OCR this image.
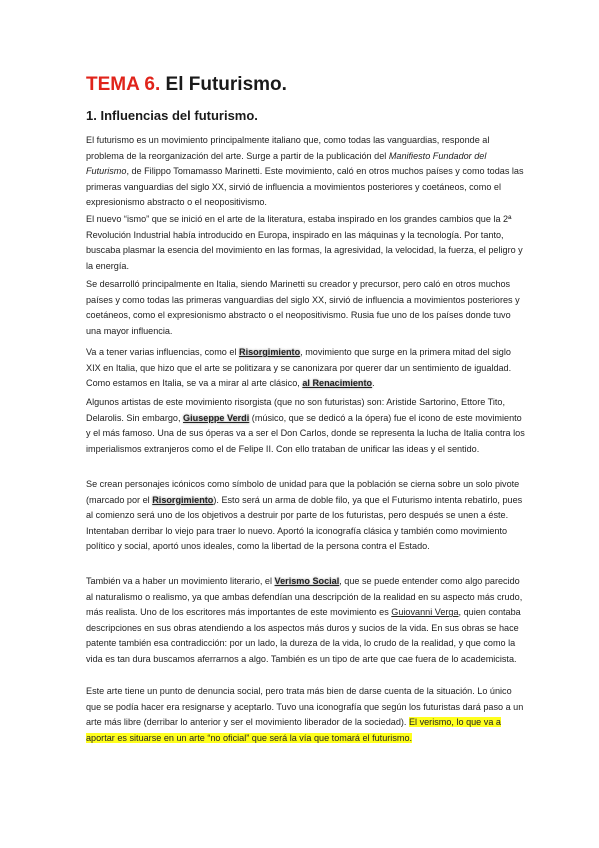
TEMA 6. El Futurismo.
1. Influencias del futurismo.

El futurismo es un movimiento principalmente italiano que, como todas las vanguardias, responde al problema de la reorganización del arte. Surge a partir de la publicación del Manifiesto Fundador del Futurismo, de Filippo Tomamasso Marinetti. Este movimiento, caló en otros muchos países y como todas las primeras vanguardias del siglo XX, sirvió de influencia a movimientos posteriores y coetáneos, como el expresionismo abstracto o el neopositivismo.

El nuevo “ismo” que se inició en el arte de la literatura, estaba inspirado en los grandes cambios que la 2ª Revolución Industrial había introducido en Europa, inspirado en las máquinas y la tecnología. Por tanto, buscaba plasmar la esencia del movimiento en las formas, la agresividad, la velocidad, la fuerza, el peligro y la energía.

Se desarrolló principalmente en Italia, siendo Marinetti su creador y precursor, pero caló en otros muchos países y como todas las primeras vanguardias del siglo XX, sirvió de influencia a movimientos posteriores y coetáneos, como el expresionismo abstracto o el neopositivismo. Rusia fue uno de los países donde tuvo una mayor influencia.

Va a tener varias influencias, como el Risorgimiento, movimiento que surge en la primera mitad del siglo XIX en Italia, que hizo que el arte se politizara y se canonizara por querer dar un sentimiento de igualdad. Como estamos en Italia, se va a mirar al arte clásico, al Renacimiento.

Algunos artistas de este movimiento risorgista (que no son futuristas) son: Aristide Sartorino, Ettore Tito, Delarolis. Sin embargo, Giuseppe Verdi (músico, que se dedicó a la ópera) fue el icono de este movimiento y el más famoso. Una de sus óperas va a ser el Don Carlos, donde se representa la lucha de Italia contra los imperialismos extranjeros como el de Felipe II. Con ello trataban de unificar las ideas y el sentido.

Se crean personajes icónicos como símbolo de unidad para que la población se cierna sobre un solo pivote (marcado por el Risorgimiento). Esto será un arma de doble filo, ya que el Futurismo intenta rebatirlo, pues al comienzo será uno de los objetivos a destruir por parte de los futuristas, pero después se unen a éste. Intentaban derribar lo viejo para traer lo nuevo. Aportó la iconografía clásica y también como movimiento político y social, aportó unos ideales, como la libertad de la persona contra el Estado.

También va a haber un movimiento literario, el Verismo Social, que se puede entender como algo parecido al naturalismo o realismo, ya que ambas defendían una descripción de la realidad en su aspecto más crudo, más realista. Uno de los escritores más importantes de este movimiento es Guiovanni Verga, quien contaba descripciones en sus obras atendiendo a los aspectos más duros y sucios de la vida. En sus obras se hace patente también esa contradicción: por un lado, la dureza de la vida, lo crudo de la realidad, y que como la vida es tan dura buscamos aferrarnos a algo. También es un tipo de arte que cae fuera de lo academicista.

Este arte tiene un punto de denuncia social, pero trata más bien de darse cuenta de la situación. Lo único que se podía hacer era resignarse y aceptarlo. Tuvo una iconografía que según los futuristas dará paso a un arte más libre (derribar lo anterior y ser el movimiento liberador de la sociedad). El verismo, lo que va a aportar es situarse en un arte “no oficial” que será la vía que tomará el futurismo.
